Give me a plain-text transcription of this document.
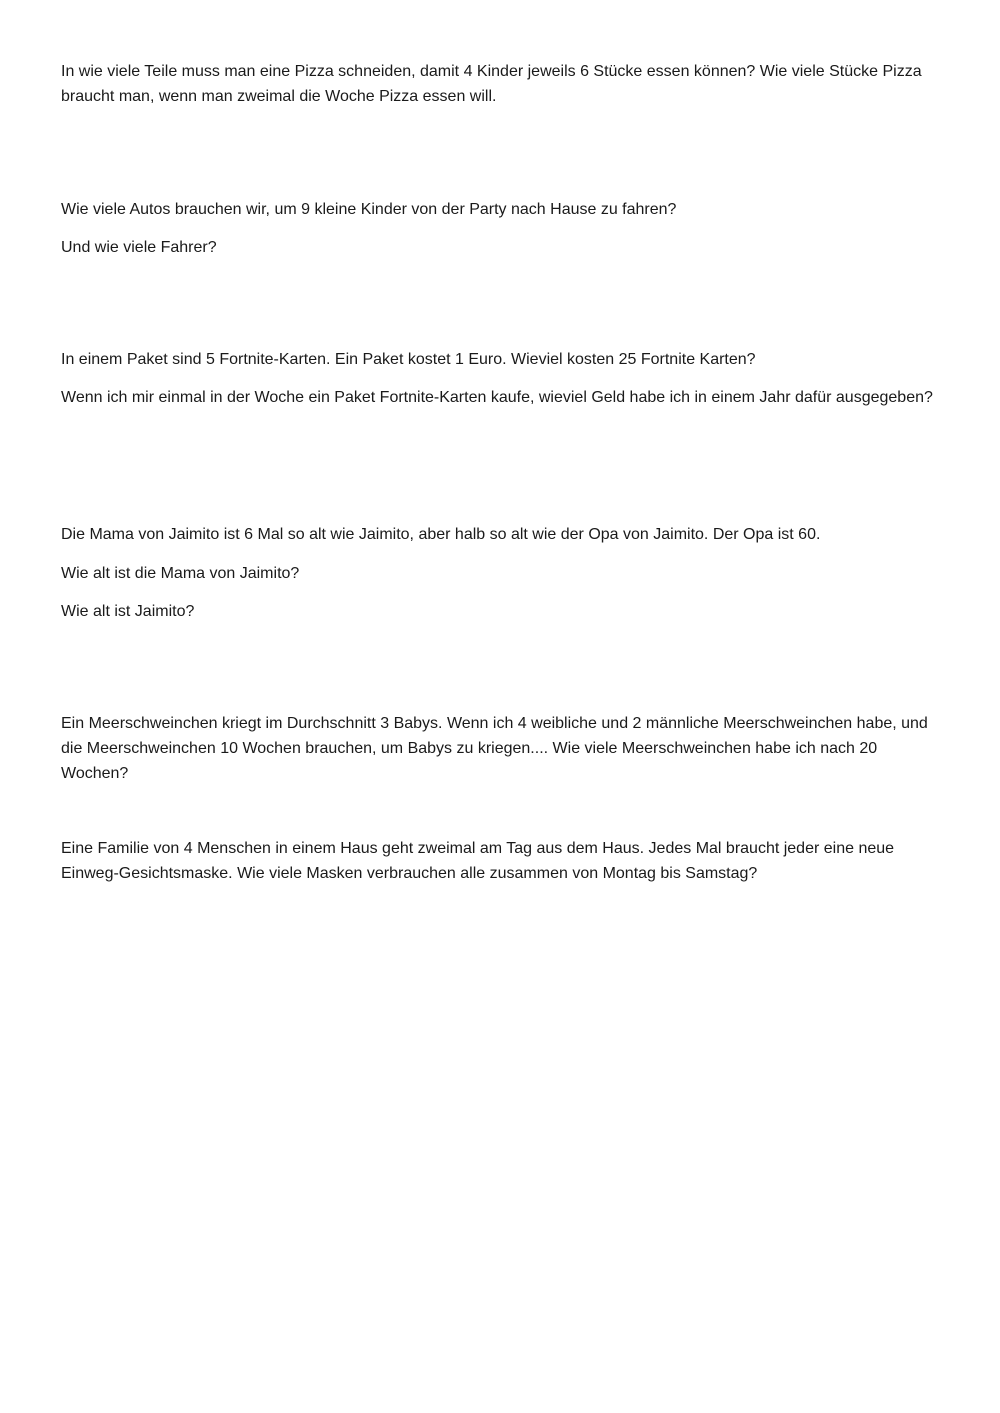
In wie viele Teile muss man eine Pizza schneiden, damit 4 Kinder jeweils 6 Stücke essen können? Wie viele Stücke Pizza braucht man, wenn man zweimal die Woche Pizza essen will.

Wie viele Autos brauchen wir, um 9 kleine Kinder von der Party nach Hause zu fahren?

Und wie viele Fahrer?

In einem Paket sind 5 Fortnite-Karten. Ein Paket kostet 1 Euro. Wieviel kosten 25 Fortnite Karten?

Wenn ich mir einmal in der Woche ein Paket Fortnite-Karten kaufe, wieviel Geld habe ich in einem Jahr dafür ausgegeben?

Die Mama von Jaimito ist 6 Mal so alt wie Jaimito, aber halb so alt wie der Opa von Jaimito. Der Opa ist 60.

Wie alt ist die Mama von Jaimito?

Wie alt ist Jaimito?

Ein Meerschweinchen kriegt im Durchschnitt 3 Babys. Wenn ich 4 weibliche und 2 männliche Meerschweinchen habe, und die Meerschweinchen 10 Wochen brauchen, um Babys zu kriegen.... Wie viele Meerschweinchen habe ich nach 20 Wochen?

Eine Familie von 4 Menschen in einem Haus geht zweimal am Tag aus dem Haus. Jedes Mal braucht jeder eine neue Einweg-Gesichtsmaske. Wie viele Masken verbrauchen alle zusammen von Montag bis Samstag?
